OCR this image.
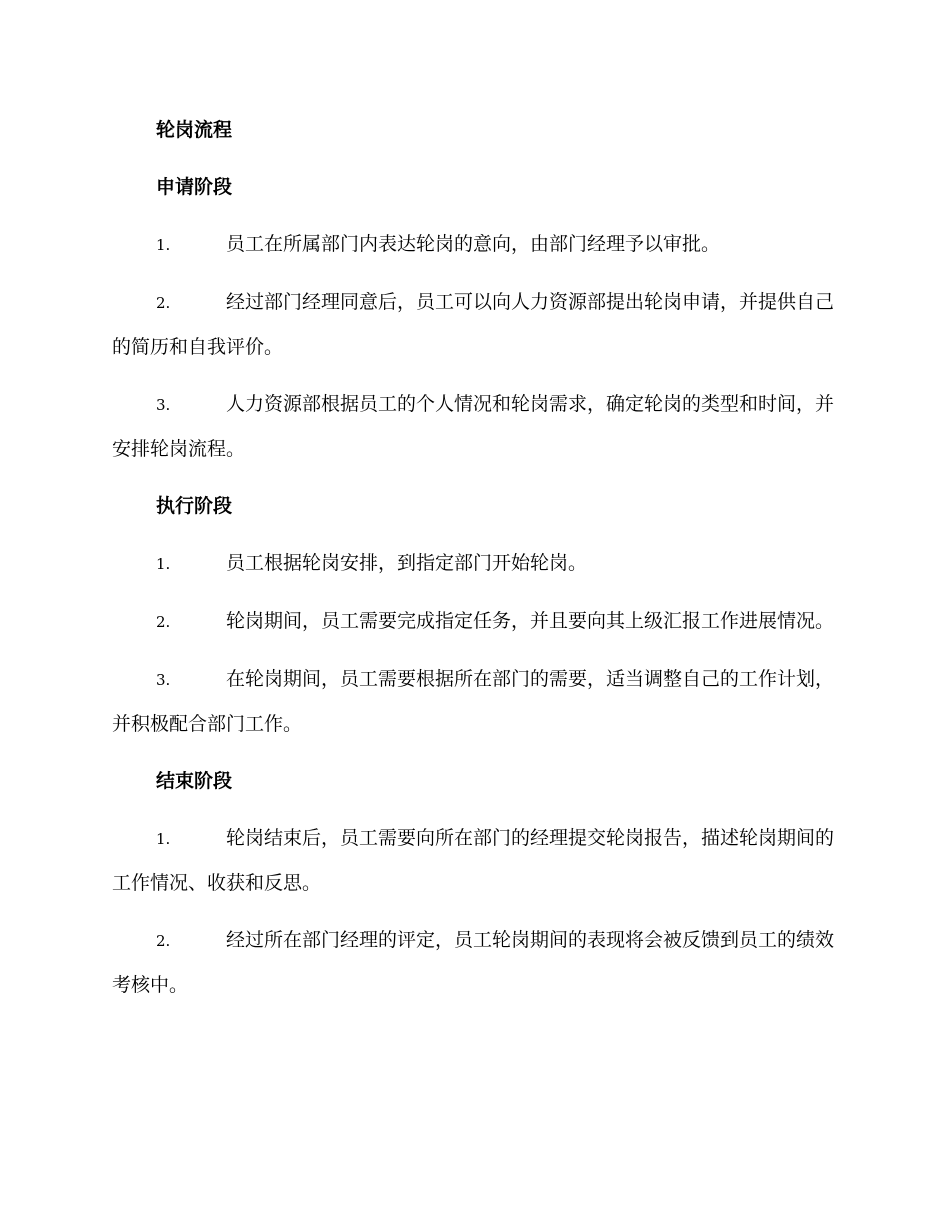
轮岗流程
申请阶段
1.	员工在所属部门内表达轮岗的意向，由部门经理予以审批。
2.	经过部门经理同意后，员工可以向人力资源部提出轮岗申请，并提供自己的简历和自我评价。
3.	人力资源部根据员工的个人情况和轮岗需求，确定轮岗的类型和时间，并安排轮岗流程。
执行阶段
1.	员工根据轮岗安排，到指定部门开始轮岗。
2.	轮岗期间，员工需要完成指定任务，并且要向其上级汇报工作进展情况。
3.	在轮岗期间，员工需要根据所在部门的需要，适当调整自己的工作计划，并积极配合部门工作。
结束阶段
1.	轮岗结束后，员工需要向所在部门的经理提交轮岗报告，描述轮岗期间的工作情况、收获和反思。
2.	经过所在部门经理的评定，员工轮岗期间的表现将会被反馈到员工的绩效考核中。
